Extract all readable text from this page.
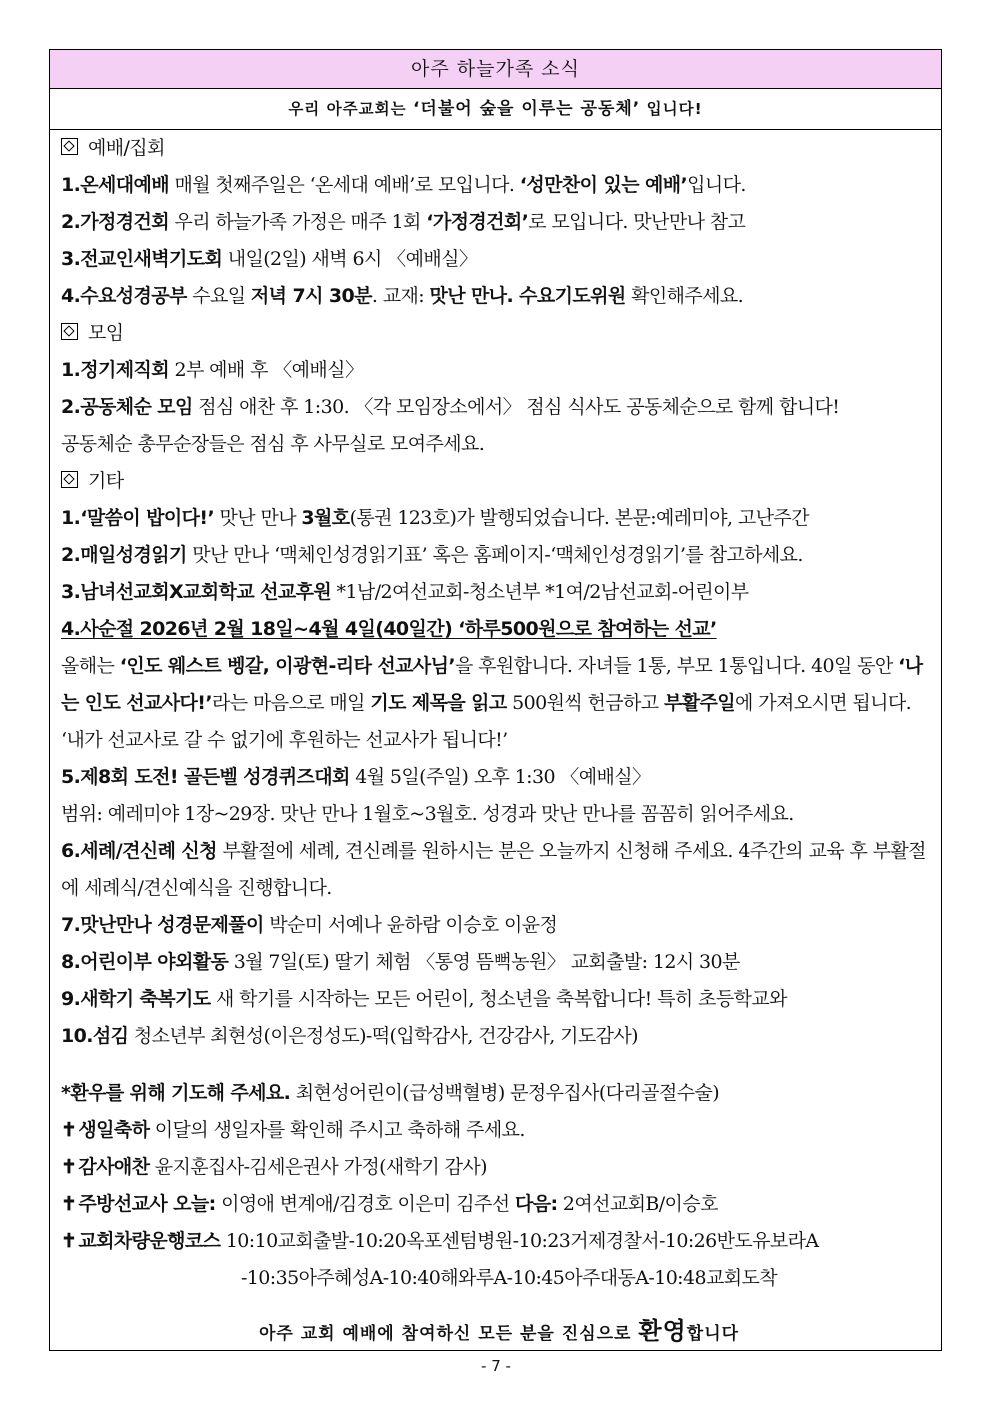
아주 하늘가족 소식
우리 아주교회는 ‘더불어 숲을 이루는 공동체’ 입니다!
예배/집회
1.온세대예배 매월 첫째주일은 ‘온세대 예배’로 모입니다. ‘성만찬이 있는 예배’입니다.
2.가정경건회 우리 하늘가족 가정은 매주 1회 ‘가정경건회’로 모입니다. 맛난만나 참고
3.전교인새벽기도회 내일(2일) 새벽 6시 〈예배실〉
4.수요성경공부 수요일 저녁 7시 30분. 교재: 맛난 만나. 수요기도위원 확인해주세요.
모임
1.정기제직회 2부 예배 후 〈예배실〉
2.공동체순 모임 점심 애찬 후 1:30. 〈각 모임장소에서〉 점심 식사도 공동체순으로 함께 합니다!
공동체순 총무순장들은 점심 후 사무실로 모여주세요.
기타
1.‘말씀이 밥이다!’ 맛난 만나 3월호(통권 123호)가 발행되었습니다. 본문:예레미야, 고난주간
2.매일성경읽기 맛난 만나 ‘맥체인성경읽기표’ 혹은 홈페이지-‘맥체인성경읽기’를 참고하세요.
3.남녀선교회X교회학교 선교후원 *1남/2여선교회-청소년부 *1여/2남선교회-어린이부
4.사순절 2026년 2월 18일~4월 4일(40일간) ‘하루500원으로 참여하는 선교’
올해는 ‘인도 웨스트 벵갈, 이광현-리타 선교사님’을 후원합니다. 자녀들 1통, 부모 1통입니다. 40일 동안 ‘나는 인도 선교사다!’라는 마음으로 매일 기도 제목을 읽고 500원씩 헌금하고 부활주일에 가져오시면 됩니다. ‘내가 선교사로 갈 수 없기에 후원하는 선교사가 됩니다!’
5.제8회 도전! 골든벨 성경퀴즈대회 4월 5일(주일) 오후 1:30 〈예배실〉
범위: 예레미야 1장~29장. 맛난 만나 1월호~3월호. 성경과 맛난 만나를 꼼꼼히 읽어주세요.
6.세례/견신례 신청 부활절에 세례, 견신례를 원하시는 분은 오늘까지 신청해 주세요. 4주간의 교육 후 부활절에 세례식/견신예식을 진행합니다.
7.맛난만나 성경문제풀이 박순미 서예나 윤하람 이승호 이윤정
8.어린이부 야외활동 3월 7일(토) 딸기 체험 〈통영 뜸뻑농원〉 교회출발: 12시 30분
9.새학기 축복기도 새 학기를 시작하는 모든 어린이, 청소년을 축복합니다! 특히 초등학교와
10.섬김 청소년부 최현성(이은정성도)-떡(입학감사, 건강감사, 기도감사)
*환우를 위해 기도해 주세요. 최현성어린이(급성백혈병) 문정우집사(다리골절수술)
✝ 생일축하 이달의 생일자를 확인해 주시고 축하해 주세요.
✝ 감사애찬 윤지훈집사-김세은권사 가정(새학기 감사)
✝ 주방선교사 오늘: 이영애 변계애/김경호 이은미 김주선 다음: 2여선교회B/이승호
✝ 교회차량운행코스 10:10교회출발-10:20옥포센텀병원-10:23거제경찰서-10:26반도유보라A
-10:35아주혜성A-10:40해와루A-10:45아주대동A-10:48교회도착
아주 교회 예배에 참여하신 모든 분을 진심으로 환영합니다
- 7 -
